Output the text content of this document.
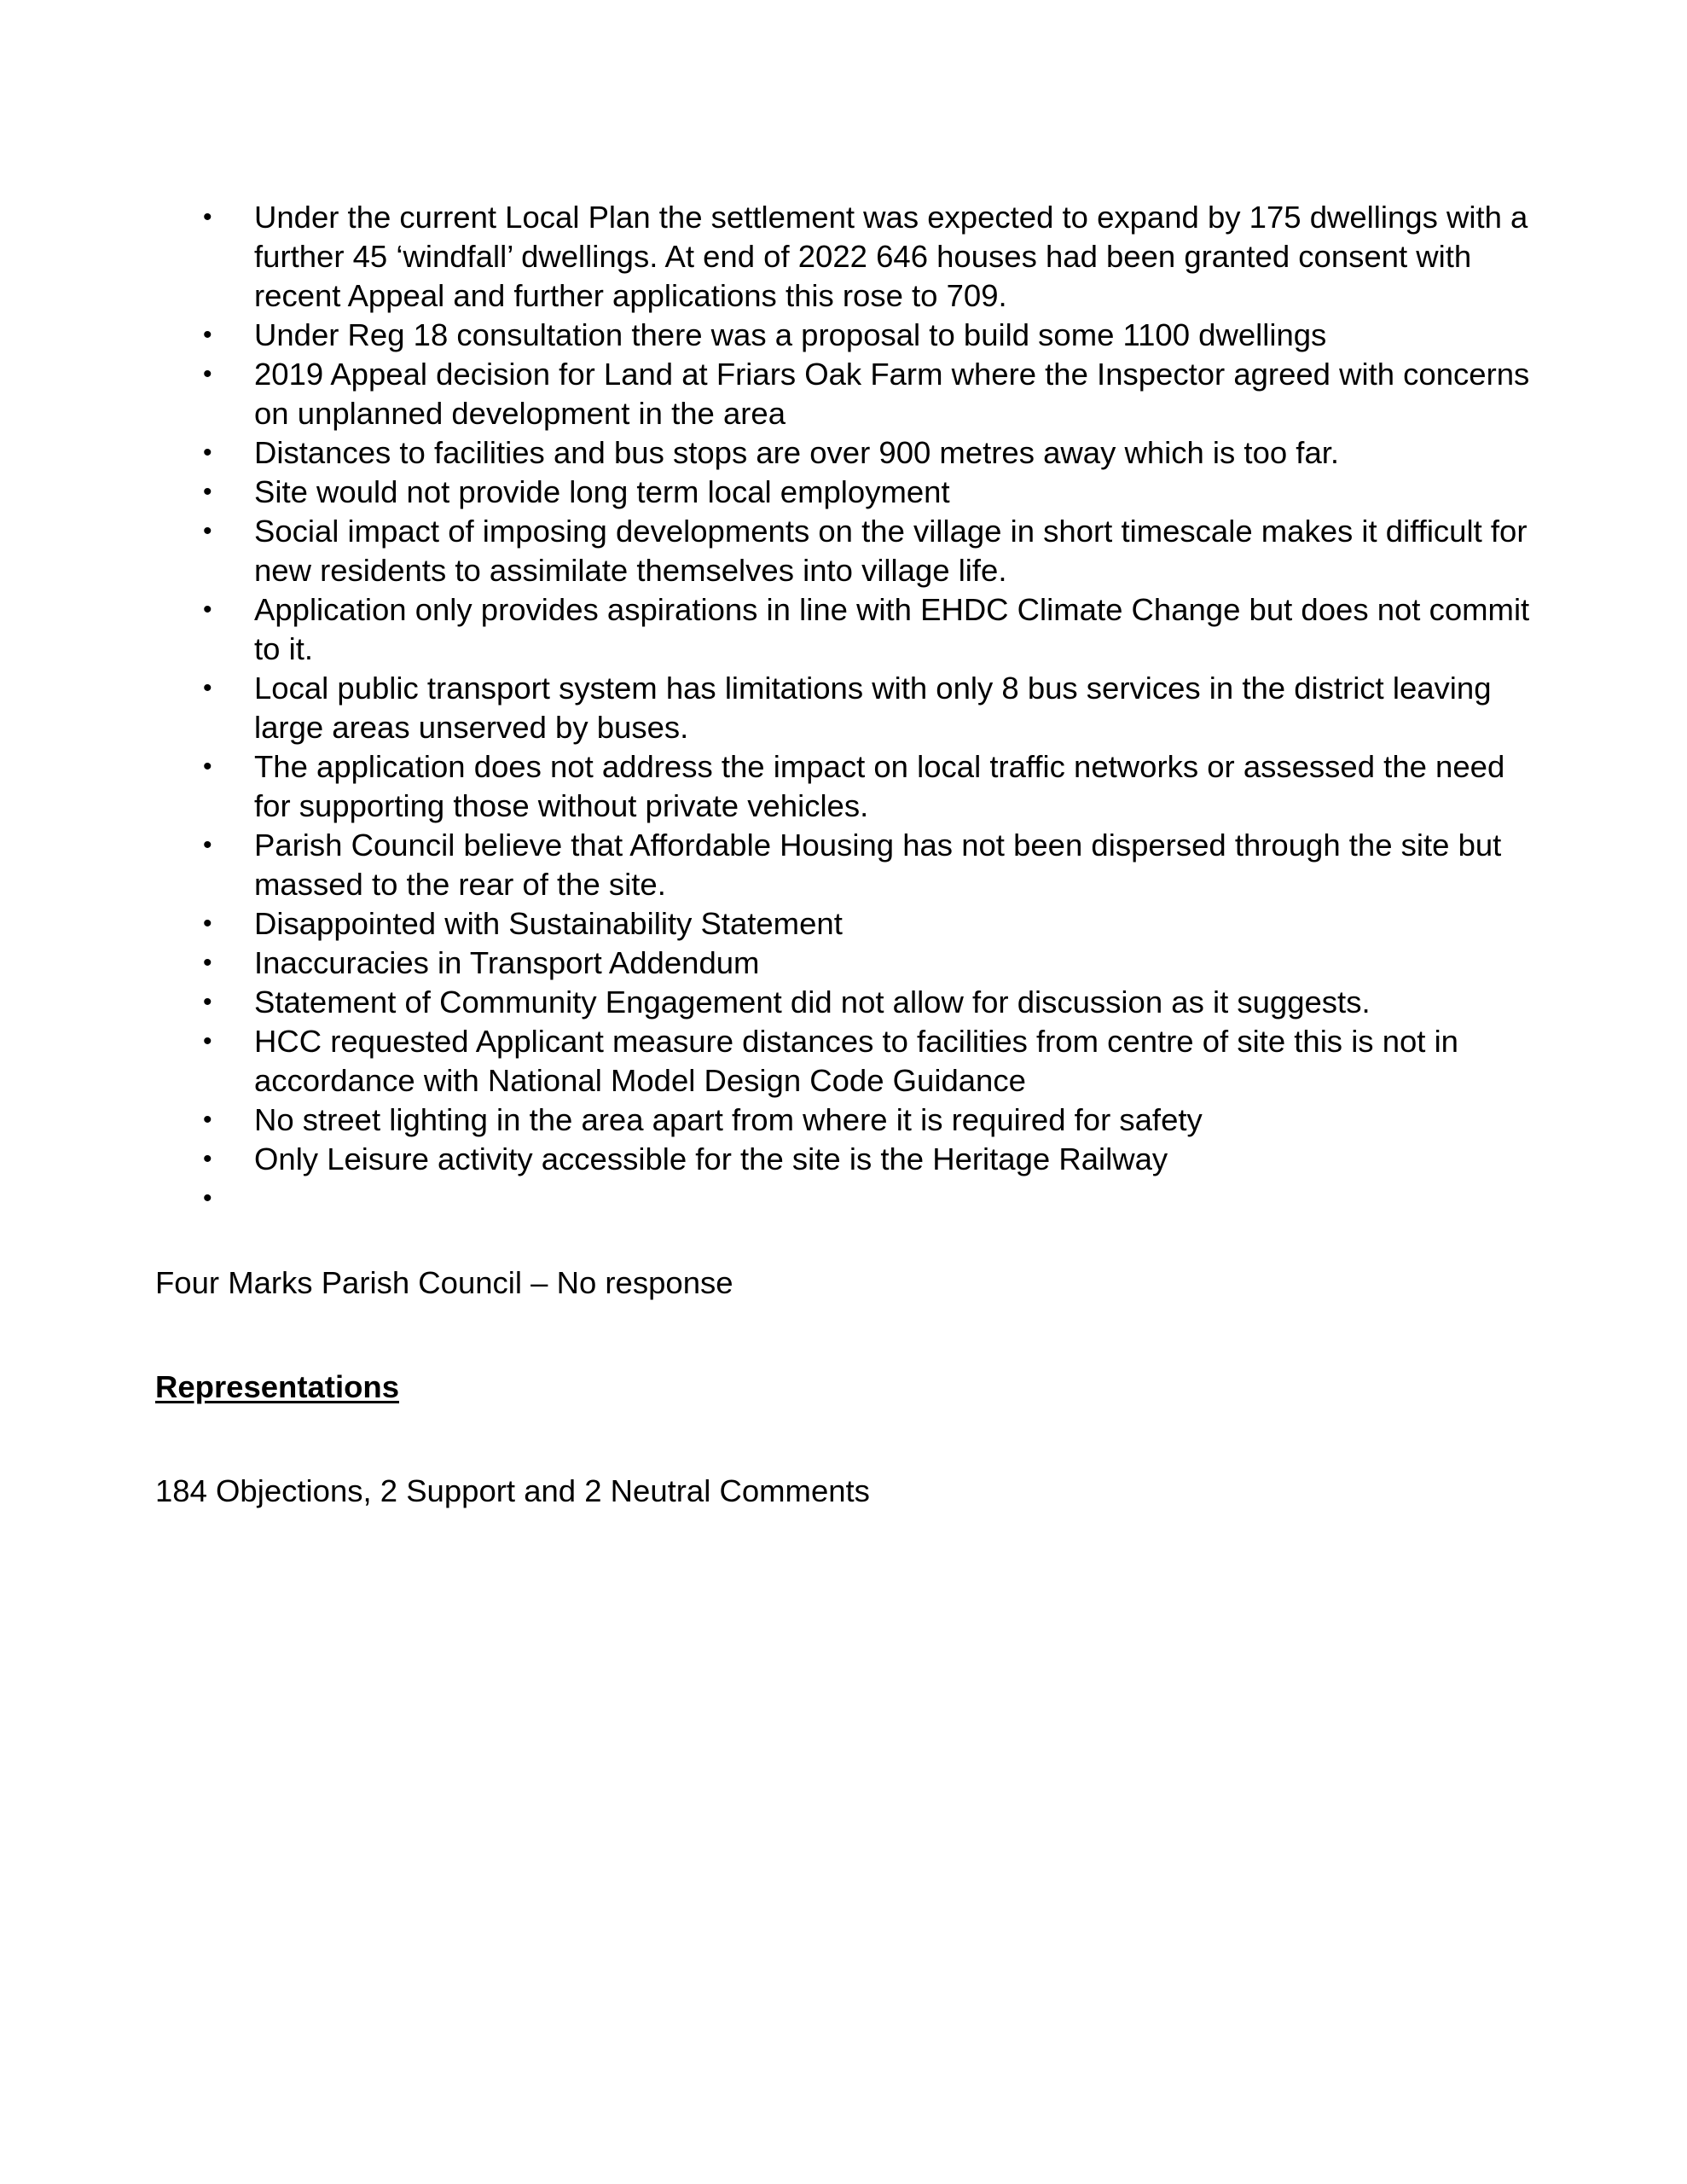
• Under the current Local Plan the settlement was expected to expand by 175 dwellings with a further 45 ‘windfall’ dwellings. At end of 2022 646 houses had been granted consent with recent Appeal and further applications this rose to 709.
• Under Reg 18 consultation there was a proposal to build some 1100 dwellings
• 2019 Appeal decision for Land at Friars Oak Farm where the Inspector agreed with concerns on unplanned development in the area
• Distances to facilities and bus stops are over 900 metres away which is too far.
• Site would not provide long term local employment
• Social impact of imposing developments on the village in short timescale makes it difficult for new residents to assimilate themselves into village life.
• Application only provides aspirations in line with EHDC Climate Change but does not commit to it.
• Local public transport system has limitations with only 8 bus services in the district leaving large areas unserved by buses.
• The application does not address the impact on local traffic networks or assessed the need for supporting those without private vehicles.
• Parish Council believe that Affordable Housing has not been dispersed through the site but massed to the rear of the site.
• Disappointed with Sustainability Statement
• Inaccuracies in Transport Addendum
• Statement of Community Engagement did not allow for discussion as it suggests.
• HCC requested Applicant measure distances to facilities from centre of site this is not in accordance with National Model Design Code Guidance
• No street lighting in the area apart from where it is required for safety
• Only Leisure activity accessible for the site is the Heritage Railway
•

Four Marks Parish Council – No response

Representations

184 Objections, 2 Support and 2 Neutral Comments
